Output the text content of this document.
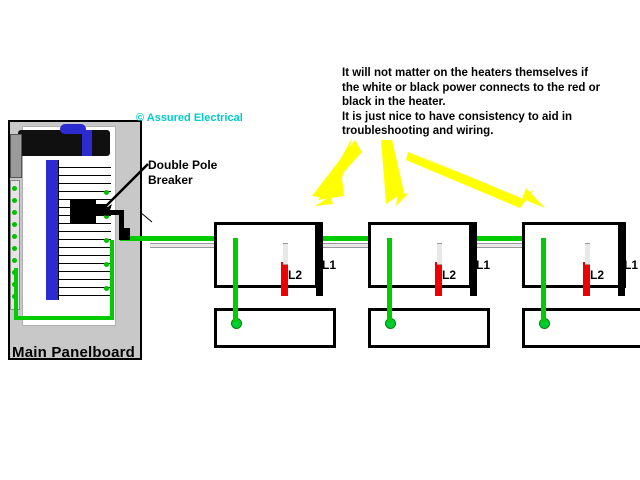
Main Panelboard
L2
L1
L2
L1
L2
L1
It will not matter on the heaters themselves if
the white or black power connects to the red or
black in the heater.
It is just nice to have consistency to aid in
troubleshooting and wiring.
© Assured Electrical
Double Pole
Breaker
